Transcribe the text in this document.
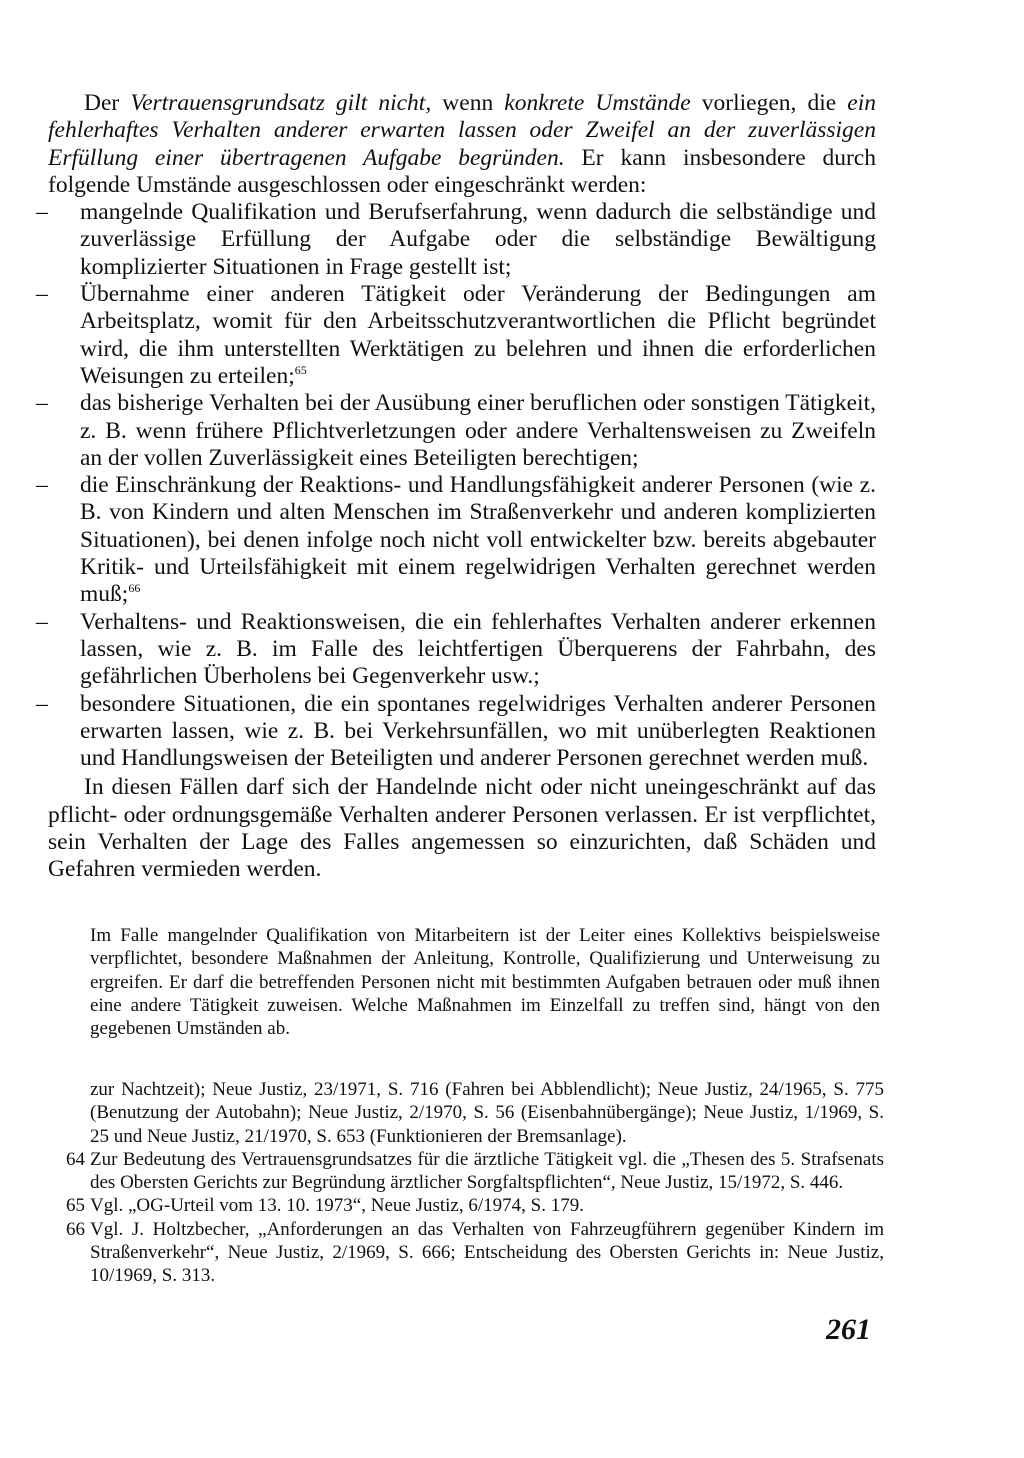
Der Vertrauensgrundsatz gilt nicht, wenn konkrete Umstände vorliegen, die ein fehlerhaftes Verhalten anderer erwarten lassen oder Zweifel an der zuverlässigen Erfüllung einer übertragenen Aufgabe begründen. Er kann insbesondere durch folgende Umstände ausgeschlossen oder eingeschränkt werden:

– mangelnde Qualifikation und Berufserfahrung, wenn dadurch die selbständige und zuverlässige Erfüllung der Aufgabe oder die selbständige Bewältigung komplizierter Situationen in Frage gestellt ist;
– Übernahme einer anderen Tätigkeit oder Veränderung der Bedingungen am Arbeitsplatz, womit für den Arbeitsschutzverantwortlichen die Pflicht begründet wird, die ihm unterstellten Werktätigen zu belehren und ihnen die erforderlichen Weisungen zu erteilen;$^{65}$
– das bisherige Verhalten bei der Ausübung einer beruflichen oder sonstigen Tätigkeit, z. B. wenn frühere Pflichtverletzungen oder andere Verhaltensweisen zu Zweifeln an der vollen Zuverlässigkeit eines Beteiligten berechtigen;
– die Einschränkung der Reaktions- und Handlungsfähigkeit anderer Personen (wie z. B. von Kindern und alten Menschen im Straßenverkehr und anderen komplizierten Situationen), bei denen infolge noch nicht voll entwickelter bzw. bereits abgebauter Kritik- und Urteilsfähigkeit mit einem regelwidrigen Verhalten gerechnet werden muß;$^{66}$
– Verhaltens- und Reaktionsweisen, die ein fehlerhaftes Verhalten anderer erkennen lassen, wie z. B. im Falle des leichtfertigen Überquerens der Fahrbahn, des gefährlichen Überholens bei Gegenverkehr usw.;
– besondere Situationen, die ein spontanes regelwidriges Verhalten anderer Personen erwarten lassen, wie z. B. bei Verkehrsunfällen, wo mit unüberlegten Reaktionen und Handlungsweisen der Beteiligten und anderer Personen gerechnet werden muß.

In diesen Fällen darf sich der Handelnde nicht oder nicht uneingeschränkt auf das pflicht- oder ordnungsgemäße Verhalten anderer Personen verlassen. Er ist verpflichtet, sein Verhalten der Lage des Falles angemessen so einzurichten, daß Schäden und Gefahren vermieden werden.

Im Falle mangelnder Qualifikation von Mitarbeitern ist der Leiter eines Kollektivs beispielsweise verpflichtet, besondere Maßnahmen der Anleitung, Kontrolle, Qualifizierung und Unterweisung zu ergreifen. Er darf die betreffenden Personen nicht mit bestimmten Aufgaben betrauen oder muß ihnen eine andere Tätigkeit zuweisen. Welche Maßnahmen im Einzelfall zu treffen sind, hängt von den gegebenen Umständen ab.

zur Nachtzeit); Neue Justiz, 23/1971, S. 716 (Fahren bei Abblendlicht); Neue Justiz, 24/1965, S. 775 (Benutzung der Autobahn); Neue Justiz, 2/1970, S. 56 (Eisenbahnübergänge); Neue Justiz, 1/1969, S. 25 und Neue Justiz, 21/1970, S. 653 (Funktionieren der Bremsanlage).

64 Zur Bedeutung des Vertrauensgrundsatzes für die ärztliche Tätigkeit vgl. die „Thesen des 5. Strafsenats des Obersten Gerichts zur Begründung ärztlicher Sorgfaltspflichten“, Neue Justiz, 15/1972, S. 446.

65 Vgl. „OG-Urteil vom 13. 10. 1973“, Neue Justiz, 6/1974, S. 179.

66 Vgl. J. Holtzbecher, „Anforderungen an das Verhalten von Fahrzeugführern gegenüber Kindern im Straßenverkehr“, Neue Justiz, 2/1969, S. 666; Entscheidung des Obersten Gerichts in: Neue Justiz, 10/1969, S. 313.

261
